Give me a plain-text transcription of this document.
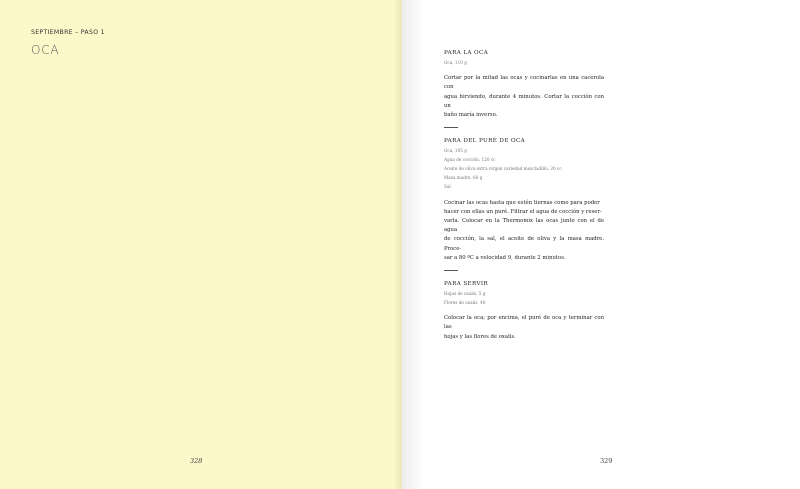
SEPTIEMBRE – PASO 1
OCA
328

PARA LA OCA

Oca, 110 g

Cortar por la mitad las ocas y cocinarlas en una cacerola con

agua hirviendo, durante 4 minutos. Cortar la cocción con un

baño maría inverso.

PARA DEL PURÉ DE OCA

Oca, 105 g

Agua de cocción, 120 cc

Aceite de oliva extra virgen variedad mezcladillo, 20 cc

Masa madre, 60 g

Sal

Cocinar las ocas hasta que estén tiernas como para poder

hacer con ellas un puré. Filtrar el agua de cocción y reser-

varla. Colocar en la Thermomix las ocas junto con el de agua

de cocción, la sal, el aceite de oliva y la masa madre. Proce-

sar a 80 ºC a velocidad 9, durante 2 minutos.

PARA SERVIR

Hojas de oxalis, 5 g

Flores de oxalis, 40

Colocar la oca; por encima, el puré de oca y terminar con las

hojas y las flores de oxalis.

329
